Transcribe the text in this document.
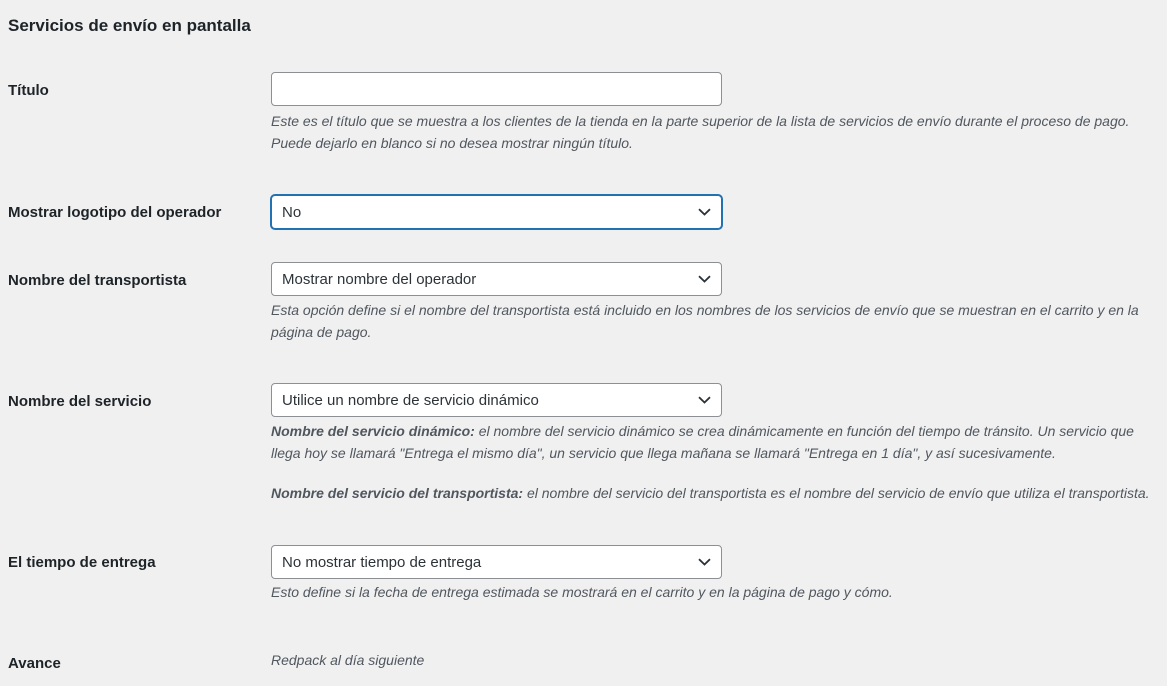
Servicios de envío en pantalla
Título

Este es el título que se muestra a los clientes de la tienda en la parte superior de la lista de servicios de envío durante el proceso de pago.
Puede dejarlo en blanco si no desea mostrar ningún título.

Mostrar logotipo del operador	No
Nombre del transportista	Mostrar nombre del operador

Esta opción define si el nombre del transportista está incluido en los nombres de los servicios de envío que se muestran en el carrito y en la página de pago.

Nombre del servicio	Utilice un nombre de servicio dinámico

Nombre del servicio dinámico: el nombre del servicio dinámico se crea dinámicamente en función del tiempo de tránsito. Un servicio que llega hoy se llamará "Entrega el mismo día", un servicio que llega mañana se llamará "Entrega en 1 día", y así sucesivamente.

Nombre del servicio del transportista: el nombre del servicio del transportista es el nombre del servicio de envío que utiliza el transportista.

El tiempo de entrega	No mostrar tiempo de entrega

Esto define si la fecha de entrega estimada se mostrará en el carrito y en la página de pago y cómo.

Avance	Redpack al día siguiente
